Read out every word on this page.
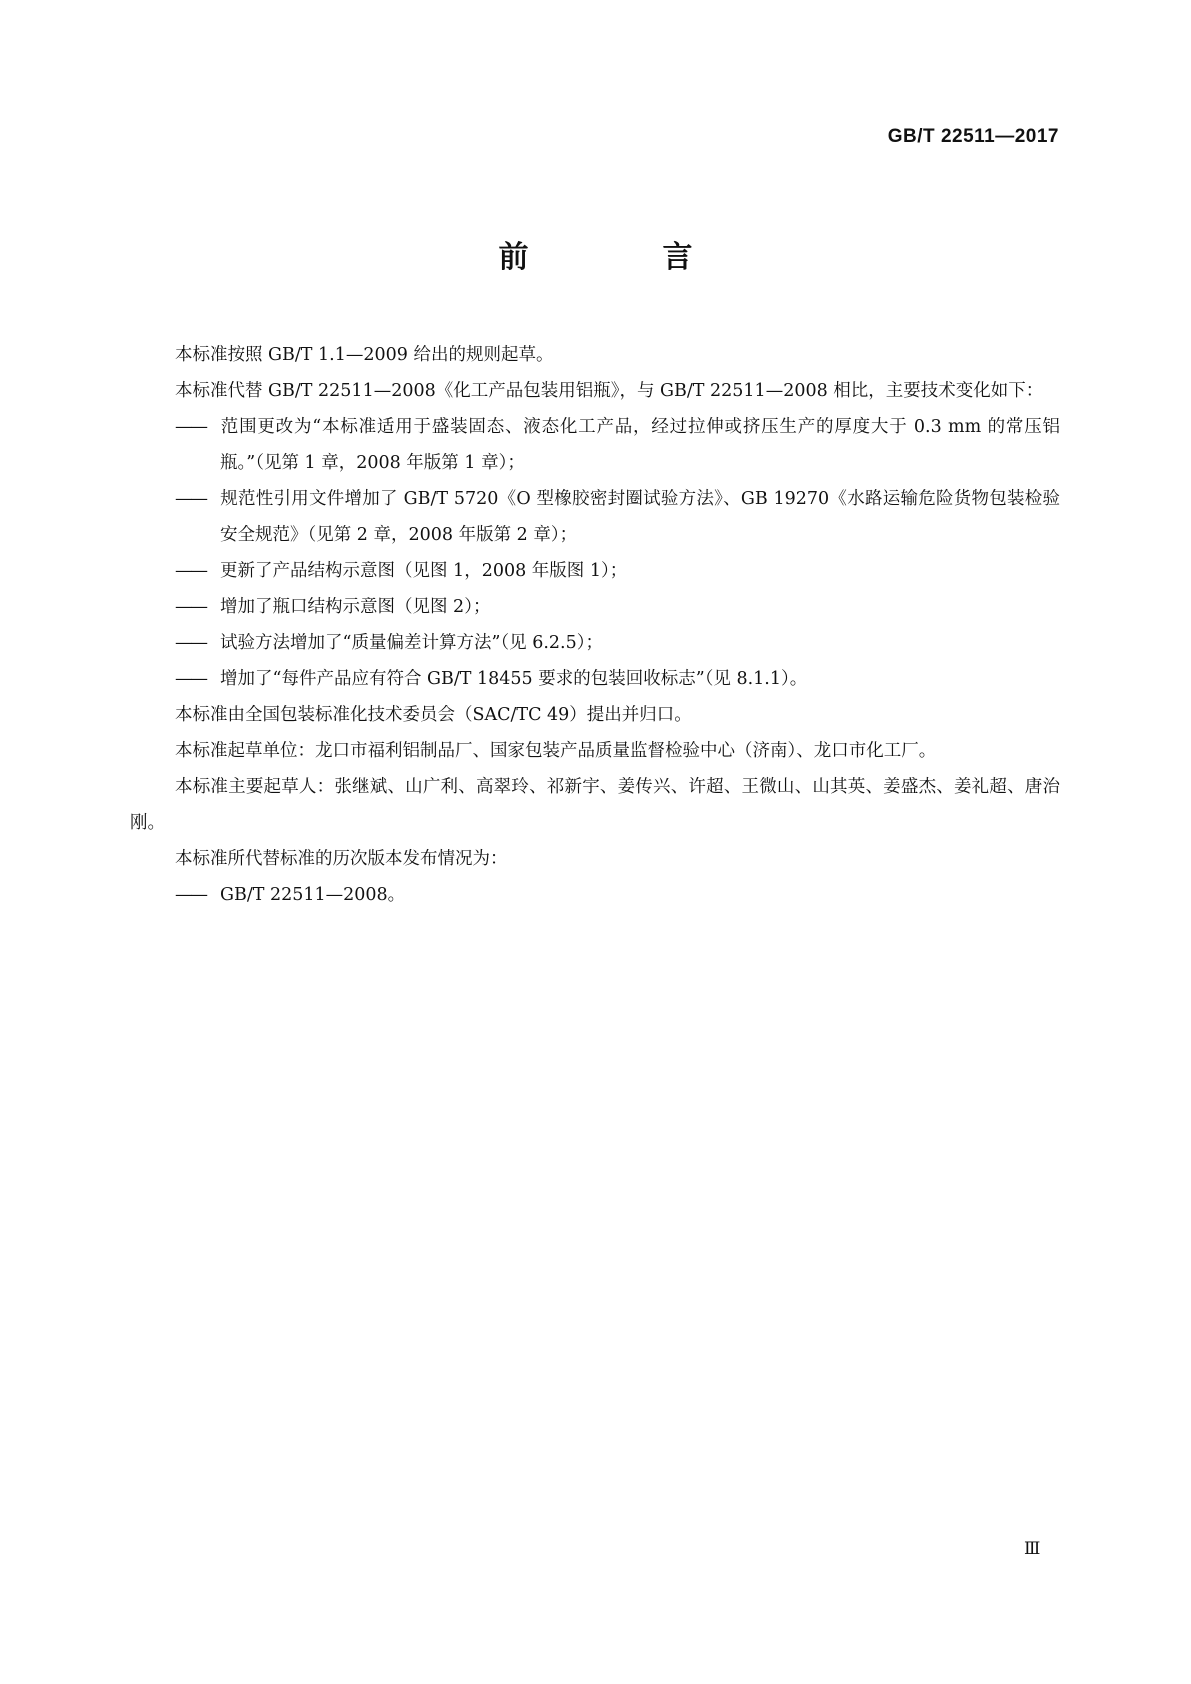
GB/T 22511—2017
前　言

本标准按照 GB/T 1.1—2009 给出的规则起草。

本标准代替 GB/T 22511—2008《化工产品包装用铝瓶》，与 GB/T 22511—2008 相比，主要技术变化如下：

—— 范围更改为“本标准适用于盛装固态、液态化工产品，经过拉伸或挤压生产的厚度大于 0.3 mm 的常压铝瓶。”（见第 1 章，2008 年版第 1 章）；

—— 规范性引用文件增加了 GB/T 5720《O 型橡胶密封圈试验方法》、GB 19270《水路运输危险货物包装检验安全规范》（见第 2 章，2008 年版第 2 章）；

—— 更新了产品结构示意图（见图 1，2008 年版图 1）；

—— 增加了瓶口结构示意图（见图 2）；

—— 试验方法增加了“质量偏差计算方法”（见 6.2.5）；

—— 增加了“每件产品应有符合 GB/T 18455 要求的包装回收标志”（见 8.1.1）。

本标准由全国包装标准化技术委员会（SAC/TC 49）提出并归口。

本标准起草单位：龙口市福利铝制品厂、国家包装产品质量监督检验中心（济南）、龙口市化工厂。

本标准主要起草人：张继斌、山广利、高翠玲、祁新宇、姜传兴、许超、王微山、山其英、姜盛杰、姜礼超、唐治刚。

本标准所代替标准的历次版本发布情况为：

—— GB/T 22511—2008。

Ⅲ
